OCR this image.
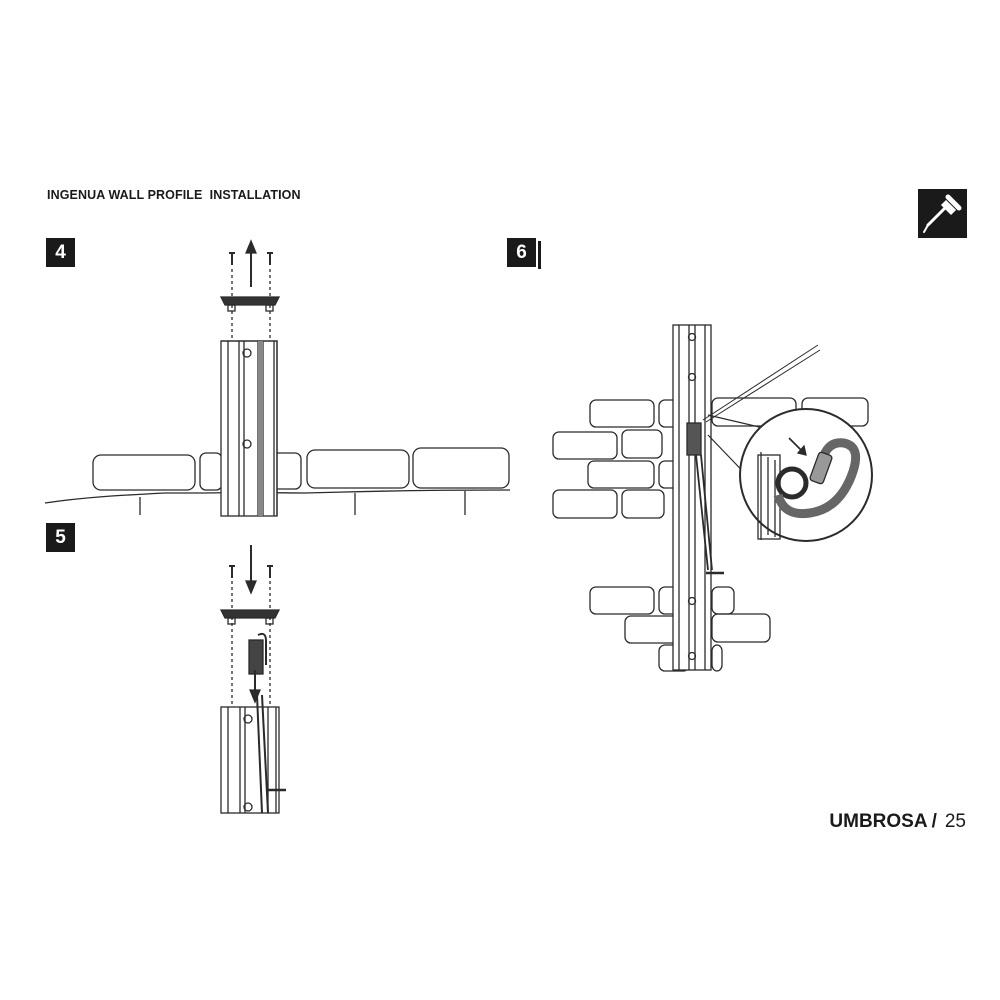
INGENUA WALL PROFILE  INSTALLATION
4
5
6
UMBROSA / 25
